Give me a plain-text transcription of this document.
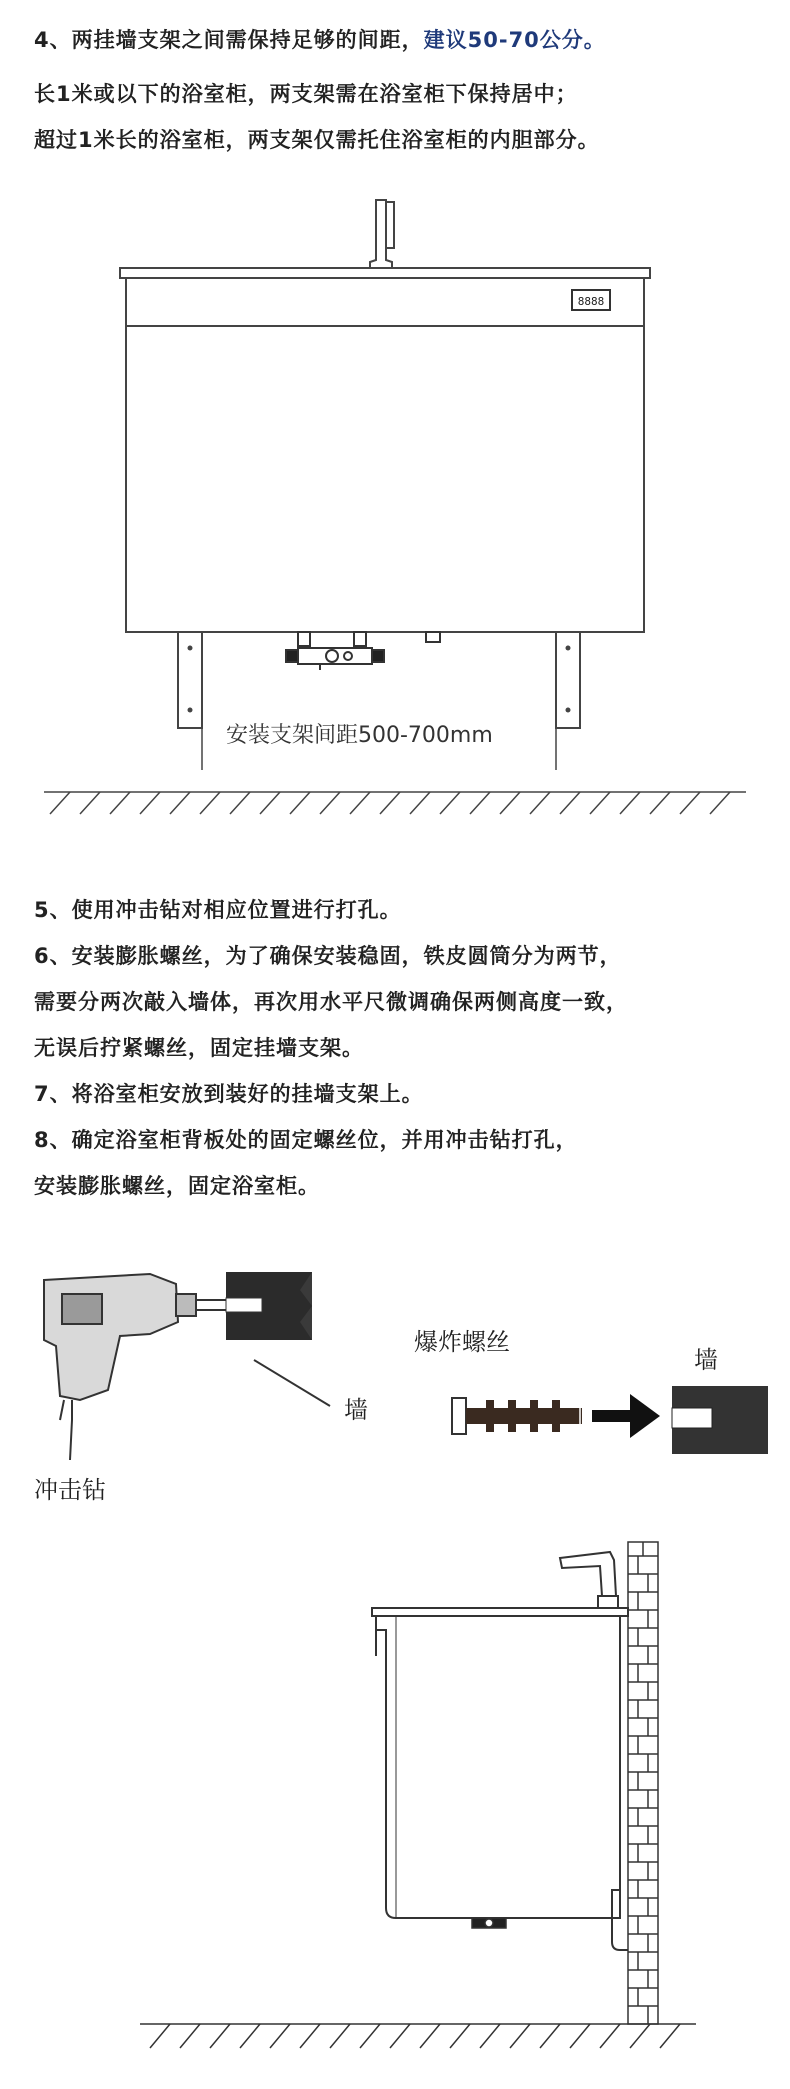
4、两挂墙支架之间需保持足够的间距，建议50-70公分。
长1米或以下的浴室柜，两支架需在浴室柜下保持居中；
超过1米长的浴室柜，两支架仅需托住浴室柜的内胆部分。
8888
安装支架间距500-700mm
5、使用冲击钻对相应位置进行打孔。
6、安装膨胀螺丝，为了确保安装稳固，铁皮圆筒分为两节，
需要分两次敲入墙体，再次用水平尺微调确保两侧高度一致，
无误后拧紧螺丝，固定挂墙支架。
7、将浴室柜安放到装好的挂墙支架上。
8、确定浴室柜背板处的固定螺丝位，并用冲击钻打孔，
安装膨胀螺丝，固定浴室柜。
冲击钻
墙
爆炸螺丝
墙
